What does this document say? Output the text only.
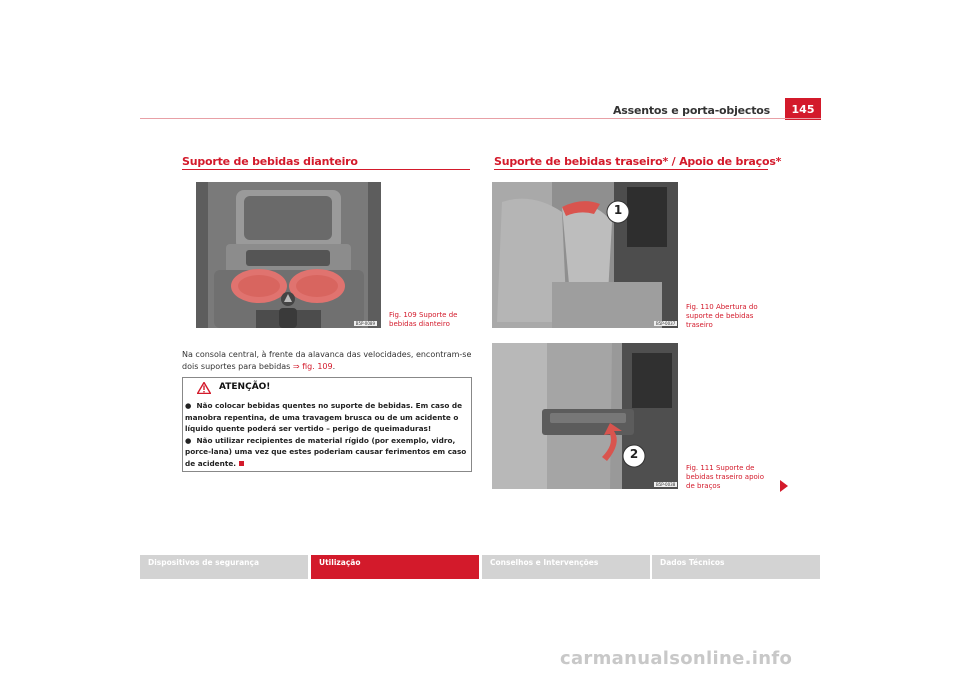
Assentos e porta-objectos	145
Suporte de bebidas dianteiro
B5P-0089
Fig. 109 Suporte de bebidas dianteiro
Na consola central, à frente da alavanca das velocidades, encontram-se dois suportes para bebidas ⇒ fig. 109.
ATENÇÃO!
●  Não colocar bebidas quentes no suporte de bebidas. Em caso de manobra repentina, de uma travagem brusca ou de um acidente o líquido quente poderá ser vertido – perigo de queimaduras!
●  Não utilizar recipientes de material rígido (por exemplo, vidro, porce-lana) uma vez que estes poderiam causar ferimentos em caso de acidente.
Suporte de bebidas traseiro* / Apoio de braços*
1
B5P-0037
Fig. 110 Abertura do suporte de bebidas traseiro
2
B5P-0038
Fig. 111 Suporte de bebidas traseiro apoio de braços
Dispositivos de segurança	Utilização	Conselhos e Intervenções	Dados Técnicos
carmanualsonline.info
